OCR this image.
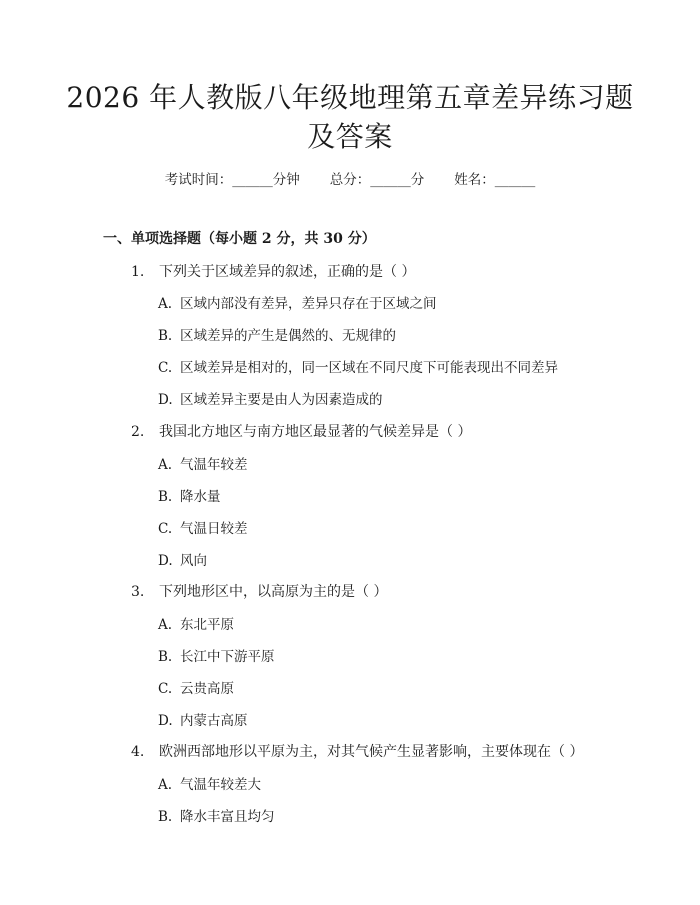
2026 年人教版八年级地理第五章差异练习题
及答案
考试时间：______分钟 总分：______分 姓名：______
一、单项选择题（每小题 2 分，共 30 分）
1. 下列关于区域差异的叙述，正确的是（ ）
A. 区域内部没有差异，差异只存在于区域之间
B. 区域差异的产生是偶然的、无规律的
C. 区域差异是相对的，同一区域在不同尺度下可能表现出不同差异
D. 区域差异主要是由人为因素造成的
2. 我国北方地区与南方地区最显著的气候差异是（ ）
A. 气温年较差
B. 降水量
C. 气温日较差
D. 风向
3. 下列地形区中，以高原为主的是（ ）
A. 东北平原
B. 长江中下游平原
C. 云贵高原
D. 内蒙古高原
4. 欧洲西部地形以平原为主，对其气候产生显著影响，主要体现在（ ）
A. 气温年较差大
B. 降水丰富且均匀
